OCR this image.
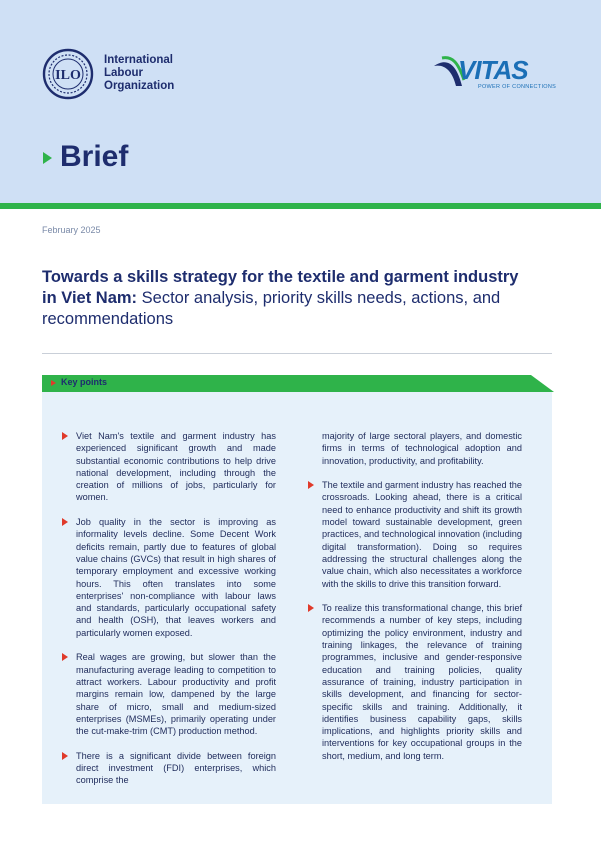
ILO
International
Labour
Organization
VITAS
POWER OF CONNECTIONS
Brief
February 2025
Towards a skills strategy for the textile and garment industry in Viet Nam: Sector analysis, priority skills needs, actions, and recommendations
Key points
Viet Nam's textile and garment industry has experienced significant growth and made substantial economic contributions to help drive national development, including through the creation of millions of jobs, particularly for women.
Job quality in the sector is improving as informality levels decline. Some Decent Work deficits remain, partly due to features of global value chains (GVCs) that result in high shares of temporary employment and excessive working hours. This often translates into some enterprises' non-compliance with labour laws and standards, particularly occupational safety and health (OSH), that leaves workers and particularly women exposed.
Real wages are growing, but slower than the manufacturing average leading to competition to attract workers. Labour productivity and profit margins remain low, dampened by the large share of micro, small and medium-sized enterprises (MSMEs), primarily operating under the cut-make-trim (CMT) production method.
There is a significant divide between foreign direct investment (FDI) enterprises, which comprise the
majority of large sectoral players, and domestic firms in terms of technological adoption and innovation, productivity, and profitability.
The textile and garment industry has reached the crossroads. Looking ahead, there is a critical need to enhance productivity and shift its growth model toward sustainable development, green practices, and technological innovation (including digital transformation). Doing so requires addressing the structural challenges along the value chain, which also necessitates a workforce with the skills to drive this transition forward.
To realize this transformational change, this brief recommends a number of key steps, including optimizing the policy environment, industry and training linkages, the relevance of training programmes, inclusive and gender-responsive education and training policies, quality assurance of training, industry participation in skills development, and financing for sector-specific skills and training. Additionally, it identifies business capability gaps, skills implications, and highlights priority skills and interventions for key occupational groups in the short, medium, and long term.
